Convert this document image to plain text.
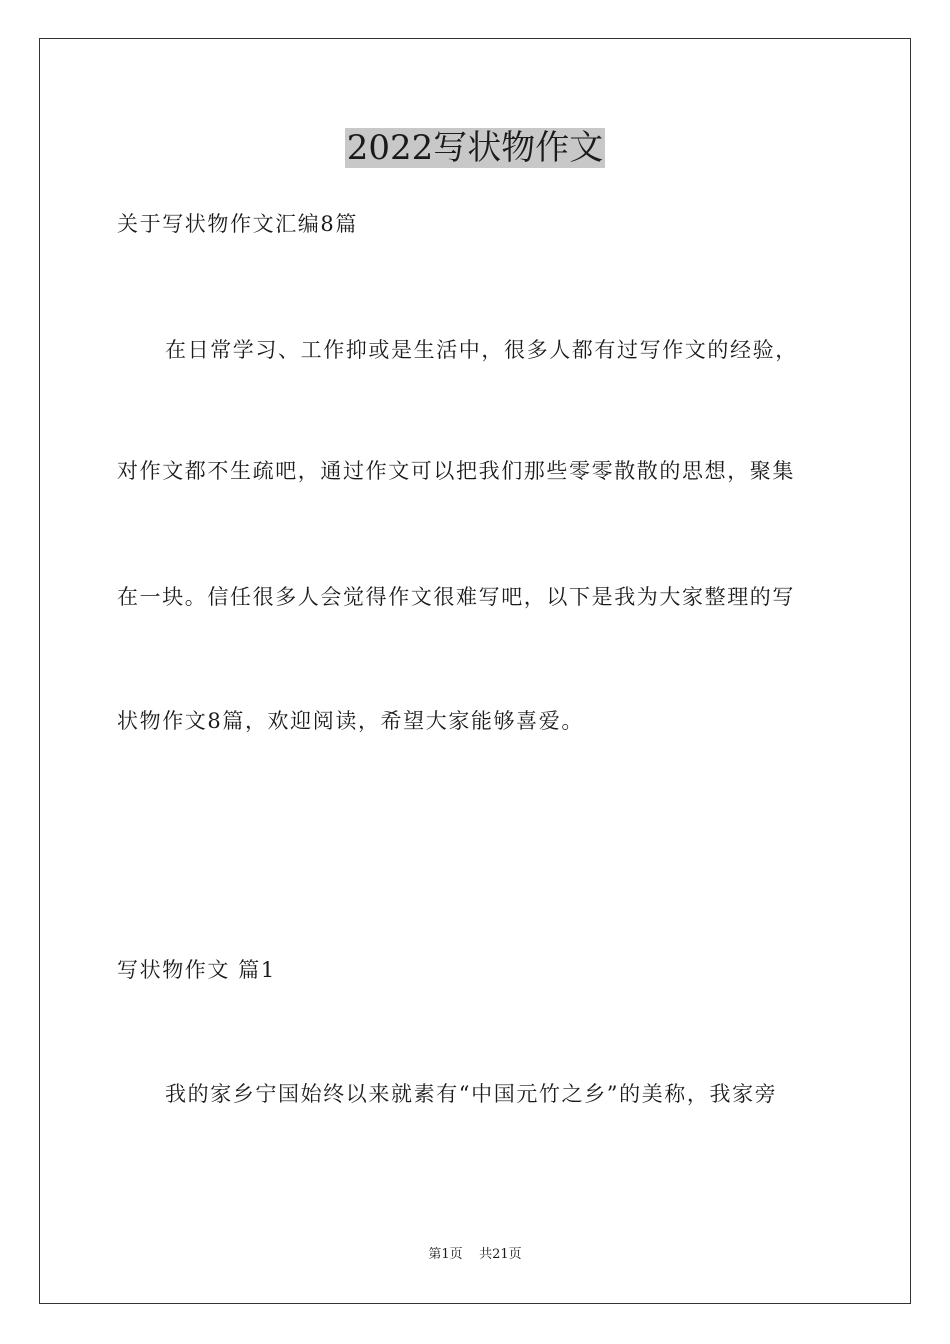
2022写状物作文
关于写状物作文汇编8篇
在日常学习、工作抑或是生活中，很多人都有过写作文的经验，
对作文都不生疏吧，通过作文可以把我们那些零零散散的思想，聚集
在一块。信任很多人会觉得作文很难写吧，以下是我为大家整理的写
状物作文8篇，欢迎阅读，希望大家能够喜爱。
写状物作文 篇1
我的家乡宁国始终以来就素有“中国元竹之乡”的美称，我家旁
第1页    共21页
